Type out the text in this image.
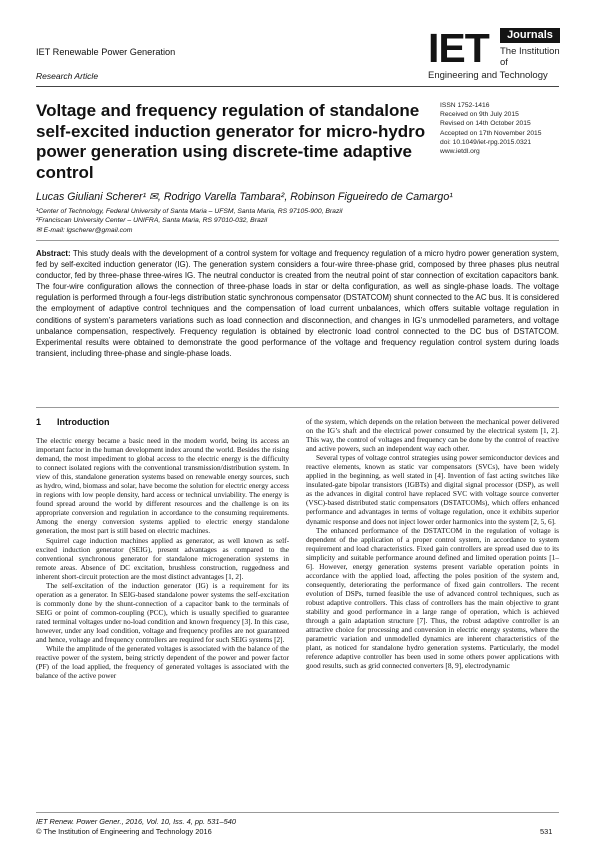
IET Renewable Power Generation
Research Article
IET	Journals
The Institution of
Engineering and Technology
Voltage and frequency regulation of standalone self-excited induction generator for micro-hydro power generation using discrete-time adaptive control
ISSN 1752-1416
Received on 9th July 2015
Revised on 14th October 2015
Accepted on 17th November 2015
doi: 10.1049/iet-rpg.2015.0321
www.ietdl.org
Lucas Giuliani Scherer¹ ✉, Rodrigo Varella Tambara², Robinson Figueiredo de Camargo¹
¹Center of Technology, Federal University of Santa Maria – UFSM, Santa Maria, RS 97105-900, Brazil
²Franciscan University Center – UNIFRA, Santa Maria, RS 97010-032, Brazil
✉ E-mail: lgscherer@gmail.com
Abstract: This study deals with the development of a control system for voltage and frequency regulation of a micro hydro power generation system, fed by self-excited induction generator (IG). The generation system considers a four-wire three-phase grid, composed by three phases plus neutral conductor, fed by three-phase three-wires IG. The neutral conductor is created from the neutral point of star connection of excitation capacitors bank. The four-wire configuration allows the connection of three-phase loads in star or delta configuration, as well as single-phase loads. The voltage regulation is performed through a four-legs distribution static synchronous compensator (DSTATCOM) shunt connected to the AC bus. It is considered the employment of adaptive control techniques and the compensation of load current unbalances, which offers suitable voltage regulation in conditions of system’s parameters variations such as load connection and disconnection, and changes in IG’s unmodelled parameters, and voltage unbalance compensation, respectively. Frequency regulation is obtained by electronic load control connected to the DC bus of DSTATCOM. Experimental results were obtained to demonstrate the good performance of the voltage and frequency regulation control system during loads transient, including three-phase and single-phase loads.
1 Introduction

The electric energy became a basic need in the modern world, being its access an important factor in the human development index around the world. Besides the rising demand, the most impediment to global access to the electric energy is the difficulty to connect isolated regions with the conventional transmission/distribution system. In view of this, standalone generation systems based on renewable energy sources, such as hydro, wind, biomass and solar, have become the solution for electric energy access in regions with low people density, hard access or technical unviability. The energy is found spread around the world by different resources and the challenge is on its appropriate conversion and regulation in accordance to the consuming requirements. Among the energy conversion systems applied to electric energy standalone generation, the most part is still based on electric machines.

Squirrel cage induction machines applied as generator, as well known as self-excited induction generator (SEIG), present advantages as compared to the conventional synchronous generator for standalone microgeneration systems in remote areas. Absence of DC excitation, brushless construction, ruggedness and inherent short-circuit protection are the most distinct advantages [1, 2].

The self-excitation of the induction generator (IG) is a requirement for its operation as a generator. In SEIG-based standalone power systems the self-excitation is commonly done by the shunt-connection of a capacitor bank to the terminals of SEIG or point of common-coupling (PCC), which is usually specified to guarantee rated terminal voltages under no-load condition and known frequency [3]. In this case, however, under any load condition, voltage and frequency profiles are not guaranteed and hence, voltage and frequency controllers are required for such SEIG systems [2].

While the amplitude of the generated voltages is associated with the balance of the reactive power of the system, being strictly dependent of the power and power factor (PF) of the load applied, the frequency of generated voltages is associated with the balance of the active power

of the system, which depends on the relation between the mechanical power delivered on the IG’s shaft and the electrical power consumed by the electrical system [1, 2]. This way, the control of voltages and frequency can be done by the control of reactive and active powers, such an independent way each other.

Several types of voltage control strategies using power semiconductor devices and reactive elements, known as static var compensators (SVCs), have been widely applied in the beginning, as well stated in [4]. Invention of fast acting switches like insulated-gate bipolar transistors (IGBTs) and digital signal processor (DSP), as well as the advances in digital control have replaced SVC with voltage source converter (VSC)-based distributed static compensators (DSTATCOMs), which offers enhanced performance and advantages in terms of voltage regulation, once it exhibits superior dynamic response and does not inject lower order harmonics into the system [2, 5, 6].

The enhanced performance of the DSTATCOM in the regulation of voltage is dependent of the application of a proper control system, in accordance to system requirement and load characteristics. Fixed gain controllers are spread used due to its simplicity and suitable performance around defined and limited operation points [1–6]. However, energy generation systems present variable operation points in accordance with the applied load, affecting the poles position of the system and, consequently, deteriorating the performance of fixed gain controllers. The recent evolution of DSPs, turned feasible the use of advanced control techniques, such as robust adaptive controllers. This class of controllers has the main objective to grant stability and good performance in a large range of operation, which is achieved through a gain adaptation structure [7]. Thus, the robust adaptive controller is an attractive choice for processing and conversion in electric energy systems, where the parametric variation and unmodelled dynamics are inherent characteristics of the plant, as noticed for standalone hydro generation systems. Particularly, the model reference adaptive controller has been used in some others power applications with good results, such as grid connected converters [8, 9], electrodynamic

IET Renew. Power Gener., 2016, Vol. 10, Iss. 4, pp. 531–540
© The Institution of Engineering and Technology 2016	531
